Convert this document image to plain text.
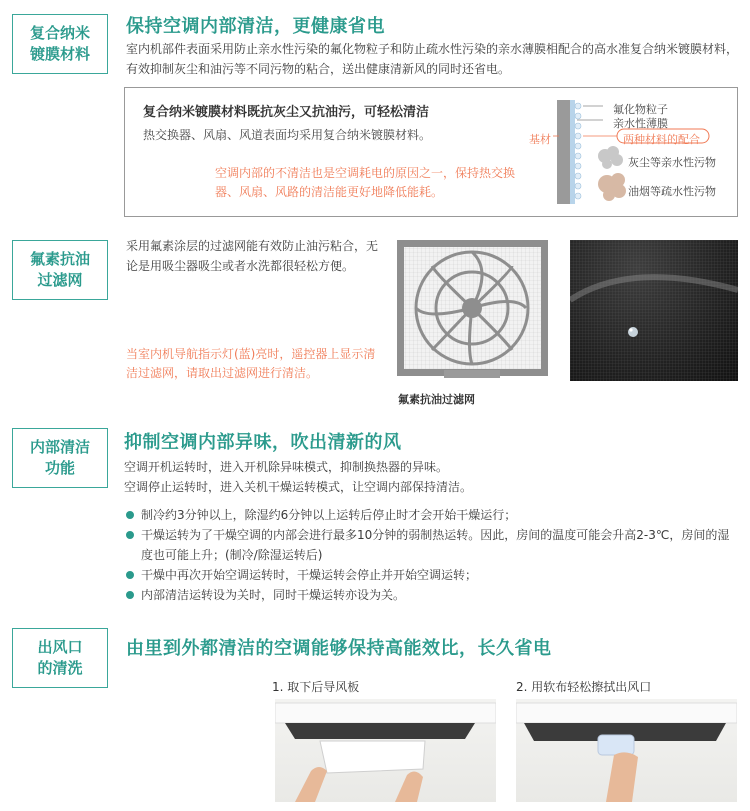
复合纳米
镀膜材料
保持空调内部清洁，更健康省电
室内机部件表面采用防止亲水性污染的氟化物粒子和防止疏水性污染的亲水薄膜相配合的高水准复合纳米镀膜材料，有效抑制灰尘和油污等不同污物的粘合，送出健康清新风的同时还省电。
复合纳米镀膜材料既抗灰尘又抗油污，可轻松清洁
热交换器、风扇、风道表面均采用复合纳米镀膜材料。
空调内部的不清洁也是空调耗电的原因之一，保持热交换器、风扇、风路的清洁能更好地降低能耗。
氟化物粒子
亲水性薄膜
基材	两种材料的配合
灰尘等亲水性污物
油烟等疏水性污物
氟素抗油
过滤网
采用氟素涂层的过滤网能有效防止油污粘合，无论是用吸尘器吸尘或者水洗都很轻松方便。
当室内机导航指示灯(蓝)亮时，遥控器上显示清洁过滤网，请取出过滤网进行清洁。
氟素抗油过滤网
内部清洁
功能
抑制空调内部异味，吹出清新的风
空调开机运转时，进入开机除异味模式，抑制换热器的异味。
空调停止运转时，进入关机干燥运转模式，让空调内部保持清洁。
制冷约3分钟以上，除湿约6分钟以上运转后停止时才会开始干燥运行；
干燥运转为了干燥空调的内部会进行最多10分钟的弱制热运转。因此，房间的温度可能会升高2-3℃，房间的湿度也可能上升；(制冷/除湿运转后)
干燥中再次开始空调运转时，干燥运转会停止并开始空调运转；
内部清洁运转设为关时，同时干燥运转亦设为关。
出风口
的清洗
由里到外都清洁的空调能够保持高能效比，长久省电
1. 取下后导风板	2. 用软布轻松擦拭出风口
